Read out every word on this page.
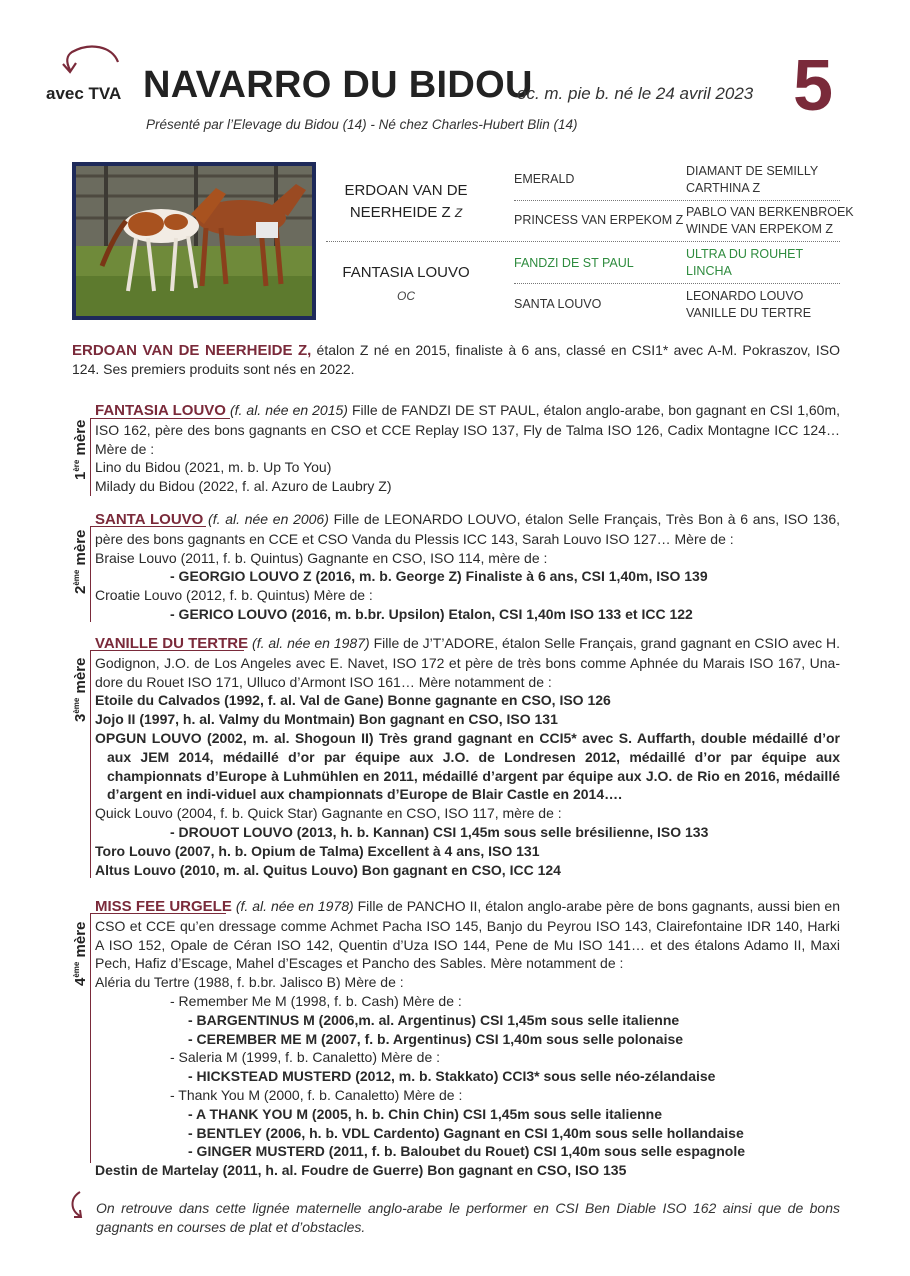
avec TVA NAVARRO DU BIDOU
oc. m. pie b. né le 24 avril 2023 5
Présenté par l’Elevage du Bidou (14) - Né chez Charles-Hubert Blin (14)
ERDOAN VAN DE NEERHEIDE Z Z
FANTASIA LOUVO
OC
EMERALD
PRINCESS VAN ERPEKOM Z
FANDZI DE ST PAUL
SANTA LOUVO
DIAMANT DE SEMILLY
CARTHINA Z
PABLO VAN BERKENBROEK
WINDE VAN ERPEKOM Z
ULTRA DU ROUHET
LINCHA
LEONARDO LOUVO
VANILLE DU TERTRE
ERDOAN VAN DE NEERHEIDE Z, étalon Z né en 2015, finaliste à 6 ans, classé en CSI1* avec A-M. Pokraszov, ISO 124. Ses premiers produits sont nés en 2022.
1ère mère

FANTASIA LOUVO (f. al. née en 2015) Fille de FANDZI DE ST PAUL, étalon anglo-arabe, bon gagnant en CSI 1,60m, ISO 162, père des bons gagnants en CSO et CCE Replay ISO 137, Fly de Talma ISO 126, Cadix Montagne ICC 124… Mère de :

Lino du Bidou (2021, m. b. Up To You)

Milady du Bidou (2022, f. al. Azuro de Laubry Z)

2ème mère

SANTA LOUVO (f. al. née en 2006) Fille de LEONARDO LOUVO, étalon Selle Français, Très Bon à 6 ans, ISO 136, père des bons gagnants en CCE et CSO Vanda du Plessis ICC 143, Sarah Louvo ISO 127… Mère de :

Braise Louvo (2011, f. b. Quintus) Gagnante en CSO, ISO 114, mère de :

- GEORGIO LOUVO Z (2016, m. b. George Z) Finaliste à 6 ans, CSI 1,40m, ISO 139

Croatie Louvo (2012, f. b. Quintus) Mère de :

- GERICO LOUVO (2016, m. b.br. Upsilon) Etalon, CSI 1,40m ISO 133 et ICC 122

3ème mère

VANILLE DU TERTRE (f. al. née en 1987) Fille de J’T’ADORE, étalon Selle Français, grand gagnant en CSIO avec H. Godignon, J.O. de Los Angeles avec E. Navet, ISO 172 et père de très bons comme Aphnée du Marais ISO 167, Una-dore du Rouet ISO 171, Ulluco d’Armont ISO 161… Mère notamment de :

Etoile du Calvados (1992, f. al. Val de Gane) Bonne gagnante en CSO, ISO 126

Jojo II (1997, h. al. Valmy du Montmain) Bon gagnant en CSO, ISO 131

OPGUN LOUVO (2002, m. al. Shogoun II) Très grand gagnant en CCI5* avec S. Auffarth, double médaillé d’or aux JEM 2014, médaillé d’or par équipe aux J.O. de Londresen 2012, médaillé d’or par équipe aux championnats d’Europe à Luhmühlen en 2011, médaillé d’argent par équipe aux J.O. de Rio en 2016, médaillé d’argent en indi-viduel aux championnats d’Europe de Blair Castle en 2014….

Quick Louvo (2004, f. b. Quick Star) Gagnante en CSO, ISO 117, mère de :

- DROUOT LOUVO (2013, h. b. Kannan) CSI 1,45m sous selle brésilienne, ISO 133

Toro Louvo (2007, h. b. Opium de Talma) Excellent à 4 ans, ISO 131

Altus Louvo (2010, m. al. Quitus Louvo) Bon gagnant en CSO, ICC 124

4ème mère

MISS FEE URGELE (f. al. née en 1978) Fille de PANCHO II, étalon anglo-arabe père de bons gagnants, aussi bien en CSO et CCE qu’en dressage comme Achmet Pacha ISO 145, Banjo du Peyrou ISO 143, Clairefontaine IDR 140, Harki A ISO 152, Opale de Céran ISO 142, Quentin d’Uza ISO 144, Pene de Mu ISO 141… et des étalons Adamo II, Maxi Pech, Hafiz d’Escage, Mahel d’Escages et Pancho des Sables. Mère notamment de :

Aléria du Tertre (1988, f. b.br. Jalisco B) Mère de :

- Remember Me M (1998, f. b. Cash) Mère de :

- BARGENTINUS M (2006,m. al. Argentinus) CSI 1,45m sous selle italienne

- CEREMBER ME M (2007, f. b. Argentinus) CSI 1,40m sous selle polonaise

- Saleria M (1999, f. b. Canaletto) Mère de :

- HICKSTEAD MUSTERD (2012, m. b. Stakkato) CCI3* sous selle néo-zélandaise

- Thank You M (2000, f. b. Canaletto) Mère de :

- A THANK YOU M (2005, h. b. Chin Chin) CSI 1,45m sous selle italienne

- BENTLEY (2006, h. b. VDL Cardento) Gagnant en CSI 1,40m sous selle hollandaise

- GINGER MUSTERD (2011, f. b. Baloubet du Rouet) CSI 1,40m sous selle espagnole

Destin de Martelay (2011, h. al. Foudre de Guerre) Bon gagnant en CSO, ISO 135

On retrouve dans cette lignée maternelle anglo-arabe le performer en CSI Ben Diable ISO 162 ainsi que de bons gagnants en courses de plat et d’obstacles.
